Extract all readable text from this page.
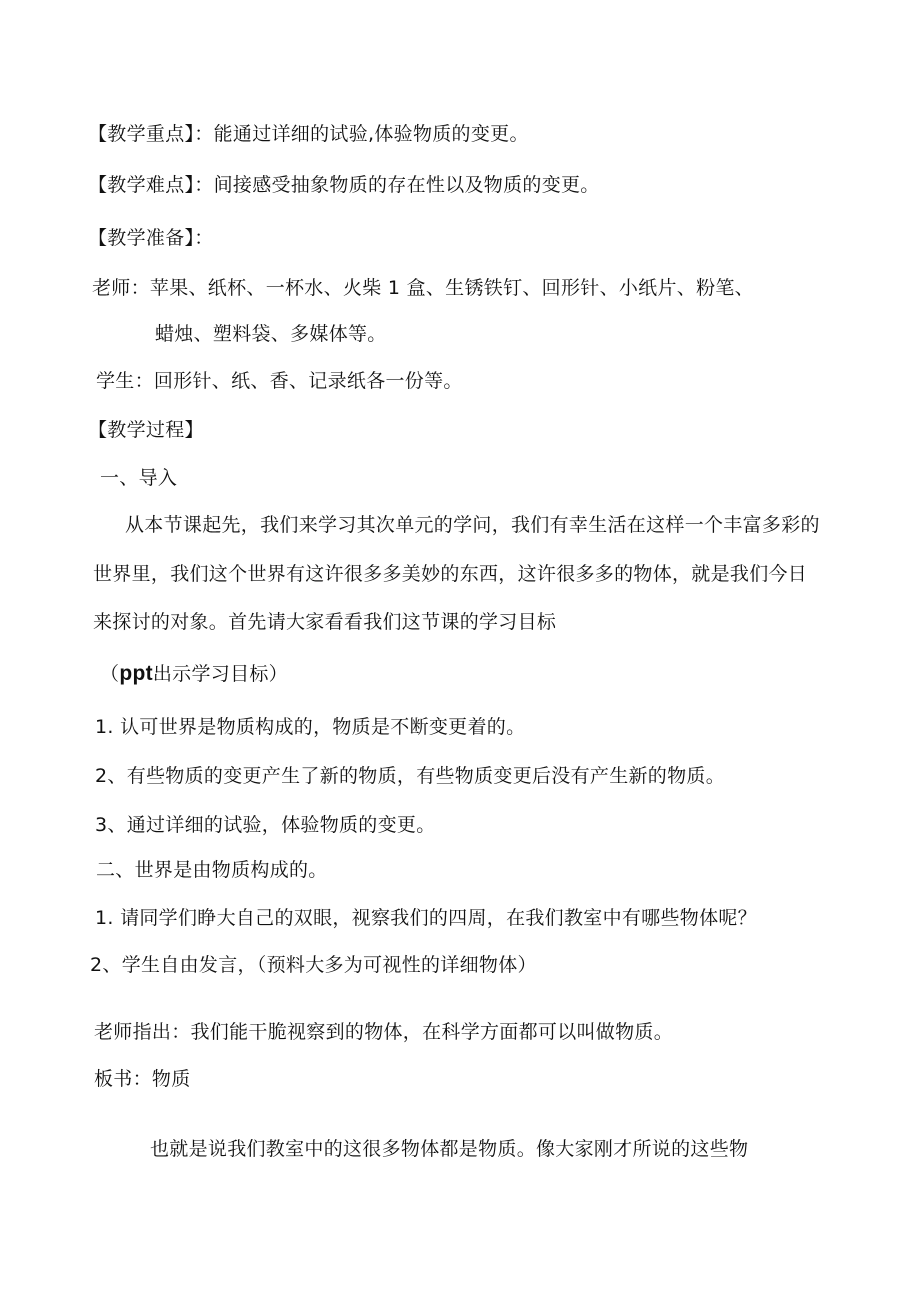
【教学重点】：能通过详细的试验,体验物质的变更。
【教学难点】：间接感受抽象物质的存在性以及物质的变更。
【教学准备】：
老师：苹果、纸杯、一杯水、火柴 1 盒、生锈铁钉、回形针、小纸片、粉笔、
蜡烛、塑料袋、多媒体等。
学生：回形针、纸、香、记录纸各一份等。
【教学过程】
一、导入
从本节课起先，我们来学习其次单元的学问，我们有幸生活在这样一个丰富多彩的
世界里，我们这个世界有这许很多多美妙的东西，这许很多多的物体，就是我们今日
来探讨的对象。首先请大家看看我们这节课的学习目标
（ppt出示学习目标）
1. 认可世界是物质构成的，物质是不断变更着的。
2、有些物质的变更产生了新的物质，有些物质变更后没有产生新的物质。
3、通过详细的试验，体验物质的变更。
二、世界是由物质构成的。
1. 请同学们睁大自己的双眼，视察我们的四周，在我们教室中有哪些物体呢？
2、学生自由发言，（预料大多为可视性的详细物体）
老师指出：我们能干脆视察到的物体，在科学方面都可以叫做物质。
板书：物质
也就是说我们教室中的这很多物体都是物质。像大家刚才所说的这些物
